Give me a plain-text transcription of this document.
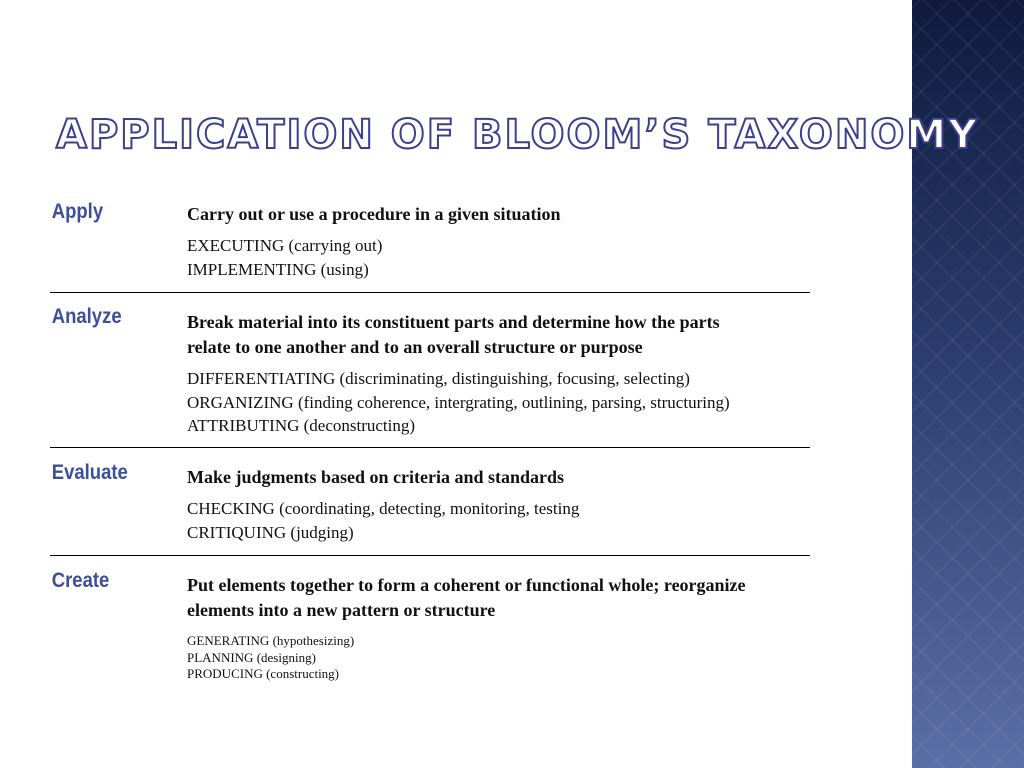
APPLICATION OF BLOOM’S TAXONOMY
Apply	Carry out or use a procedure in a given situation

EXECUTING (carrying out)
IMPLEMENTING (using)

Analyze	Break material into its constituent parts and determine how the parts
relate to one another and to an overall structure or purpose

DIFFERENTIATING (discriminating, distinguishing, focusing, selecting)
ORGANIZING (finding coherence, intergrating, outlining, parsing, structuring)
ATTRIBUTING (deconstructing)

Evaluate	Make judgments based on criteria and standards

CHECKING (coordinating, detecting, monitoring, testing
CRITIQUING (judging)

Create	Put elements together to form a coherent or functional whole; reorganize
elements into a new pattern or structure

GENERATING (hypothesizing)
PLANNING (designing)
PRODUCING (constructing)
